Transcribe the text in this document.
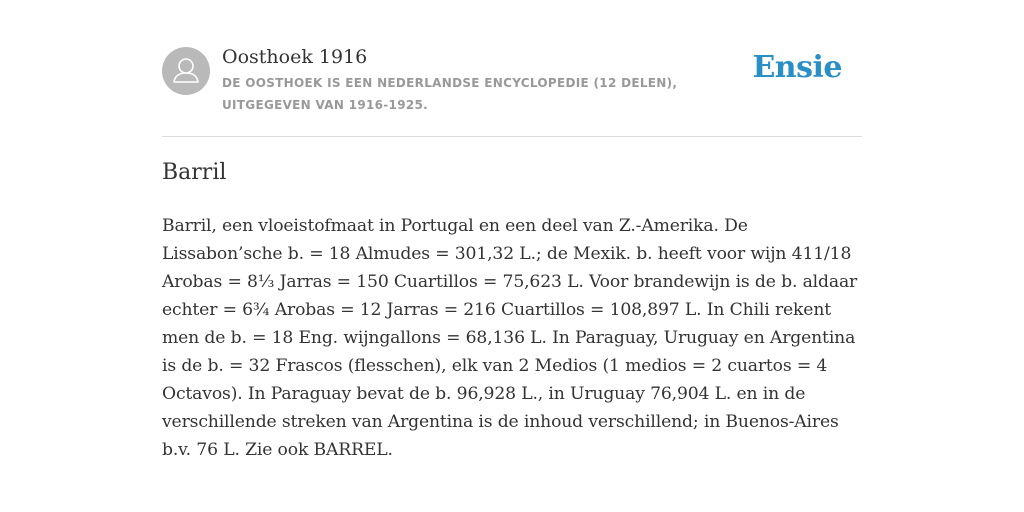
Oosthoek 1916
DE OOSTHOEK IS EEN NEDERLANDSE ENCYCLOPEDIE (12 DELEN), UITGEGEVEN VAN 1916-1925.
Ensie
Barril

Barril, een vloeistofmaat in Portugal en een deel van Z.-Amerika. De Lissabon’sche b. = 18 Almudes = 301,32 L.; de Mexik. b. heeft voor wijn 411/18 Arobas = 8⅓ Jarras = 150 Cuartillos = 75,623 L. Voor brandewijn is de b. aldaar echter = 6¾ Arobas = 12 Jarras = 216 Cuartillos = 108,897 L. In Chili rekent men de b. = 18 Eng. wijngallons = 68,136 L. In Paraguay, Uruguay en Argentina is de b. = 32 Frascos (flesschen), elk van 2 Medios (1 medios = 2 cuartos = 4 Octavos). In Paraguay bevat de b. 96,928 L., in Uruguay 76,904 L. en in de verschillende streken van Argentina is de inhoud verschillend; in Buenos-Aires b.v. 76 L. Zie ook BARREL.
